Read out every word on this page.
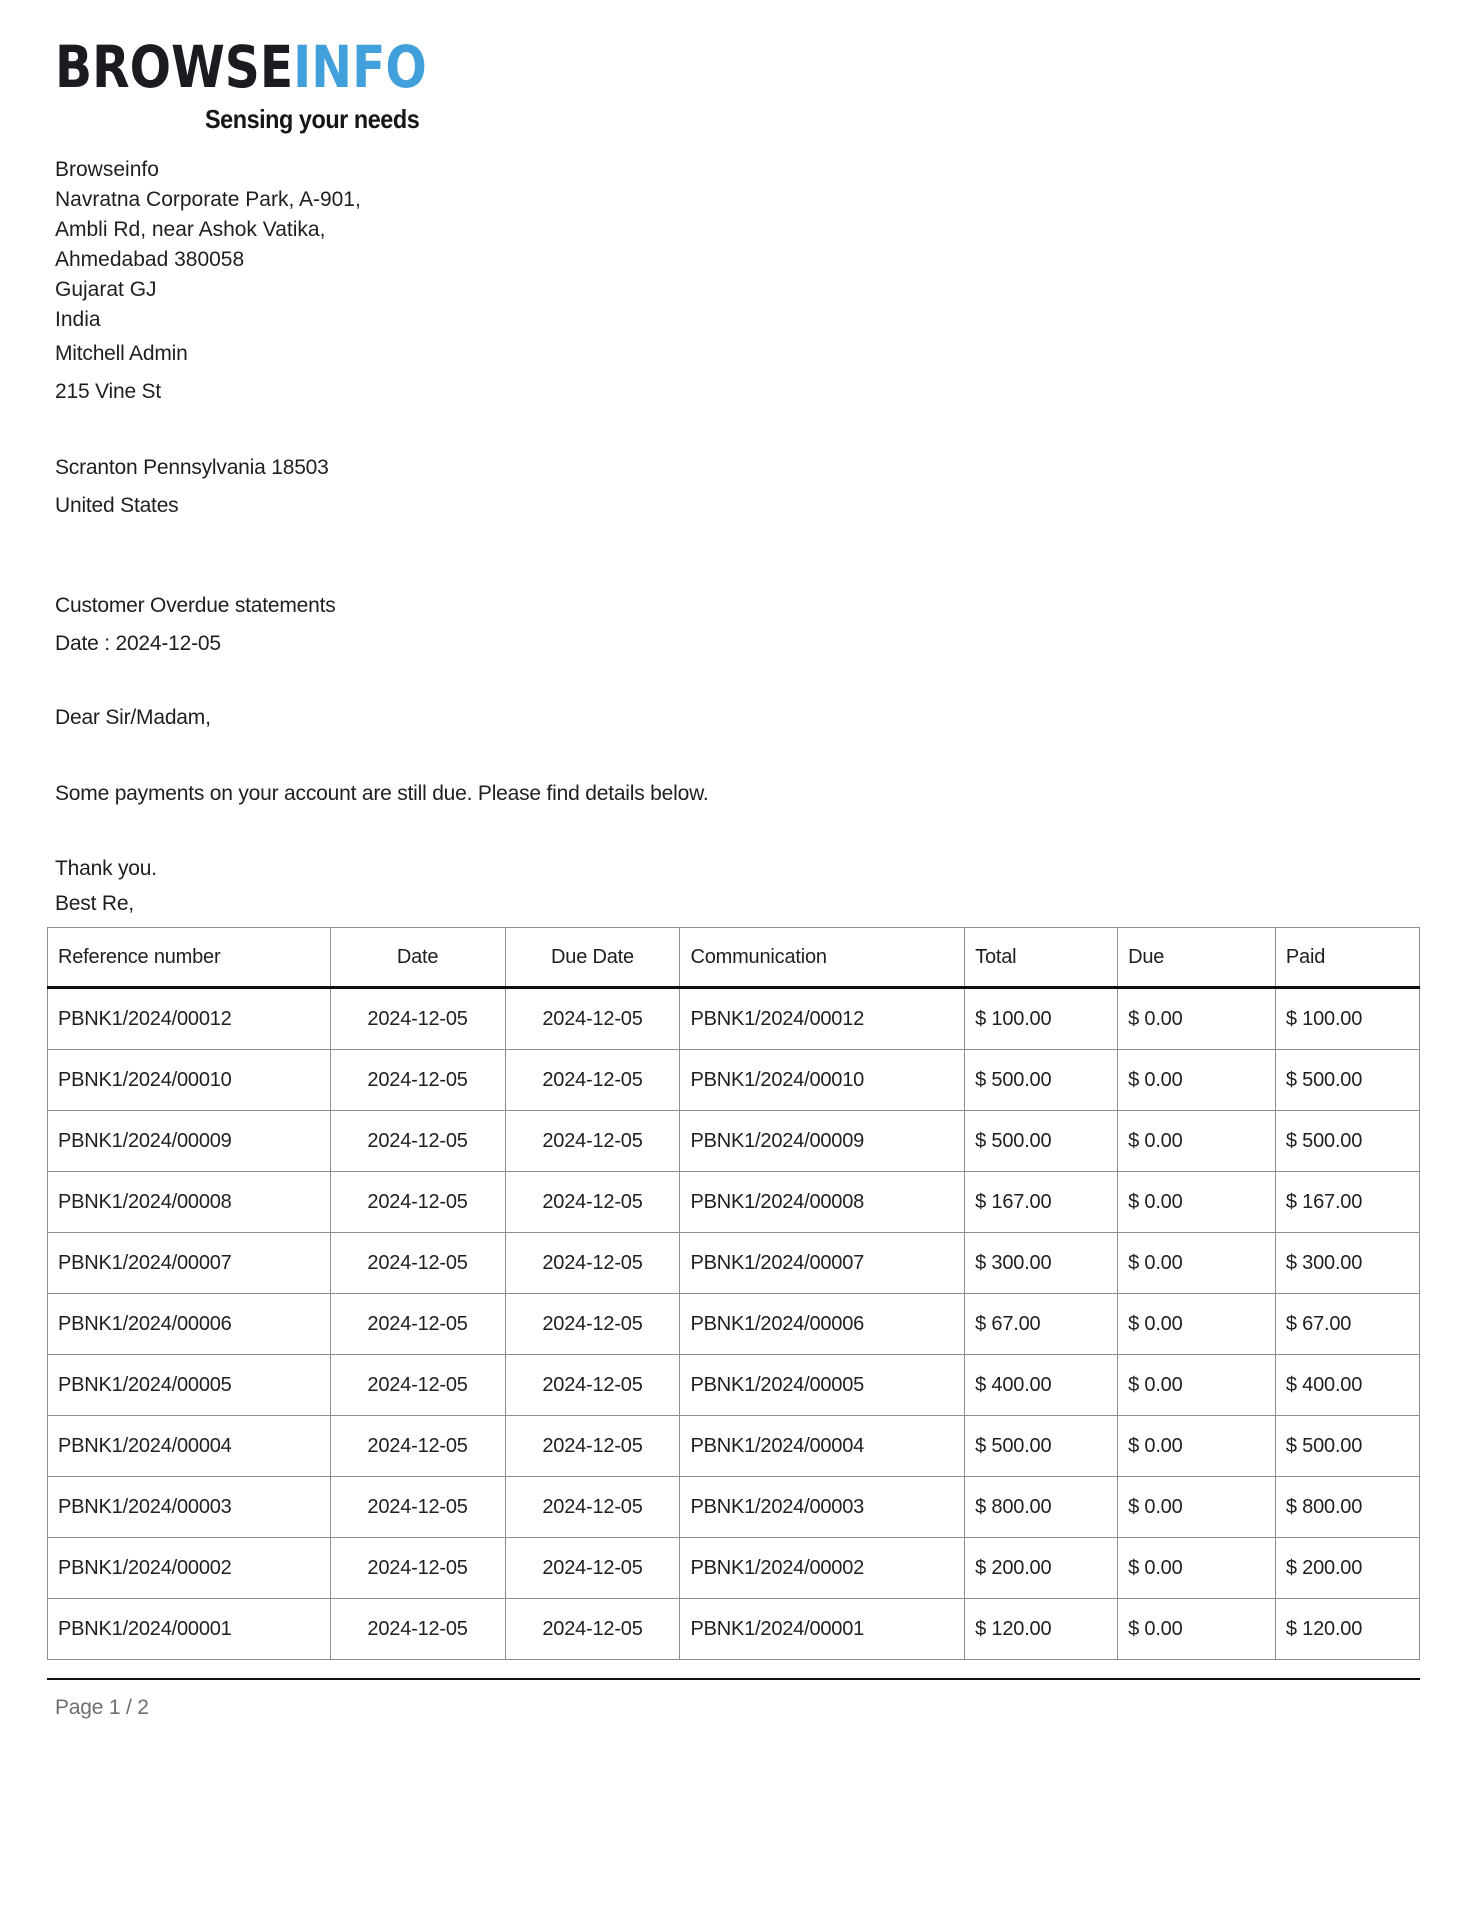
BROWSEINFO
Sensing your needs
Browseinfo
Navratna Corporate Park, A-901,
Ambli Rd, near Ashok Vatika,
Ahmedabad 380058
Gujarat GJ
India
Mitchell Admin
215 Vine St
Scranton Pennsylvania 18503
United States
Customer Overdue statements
Date : 2024-12-05
Dear Sir/Madam,
Some payments on your account are still due. Please find details below.
Thank you.
Best Re,
Reference number	Date	Due Date	Communication	Total	Due	Paid
PBNK1/2024/00012	2024-12-05	2024-12-05	PBNK1/2024/00012	$ 100.00	$ 0.00	$ 100.00
PBNK1/2024/00010	2024-12-05	2024-12-05	PBNK1/2024/00010	$ 500.00	$ 0.00	$ 500.00
PBNK1/2024/00009	2024-12-05	2024-12-05	PBNK1/2024/00009	$ 500.00	$ 0.00	$ 500.00
PBNK1/2024/00008	2024-12-05	2024-12-05	PBNK1/2024/00008	$ 167.00	$ 0.00	$ 167.00
PBNK1/2024/00007	2024-12-05	2024-12-05	PBNK1/2024/00007	$ 300.00	$ 0.00	$ 300.00
PBNK1/2024/00006	2024-12-05	2024-12-05	PBNK1/2024/00006	$ 67.00	$ 0.00	$ 67.00
PBNK1/2024/00005	2024-12-05	2024-12-05	PBNK1/2024/00005	$ 400.00	$ 0.00	$ 400.00
PBNK1/2024/00004	2024-12-05	2024-12-05	PBNK1/2024/00004	$ 500.00	$ 0.00	$ 500.00
PBNK1/2024/00003	2024-12-05	2024-12-05	PBNK1/2024/00003	$ 800.00	$ 0.00	$ 800.00
PBNK1/2024/00002	2024-12-05	2024-12-05	PBNK1/2024/00002	$ 200.00	$ 0.00	$ 200.00
PBNK1/2024/00001	2024-12-05	2024-12-05	PBNK1/2024/00001	$ 120.00	$ 0.00	$ 120.00
Page 1 / 2
